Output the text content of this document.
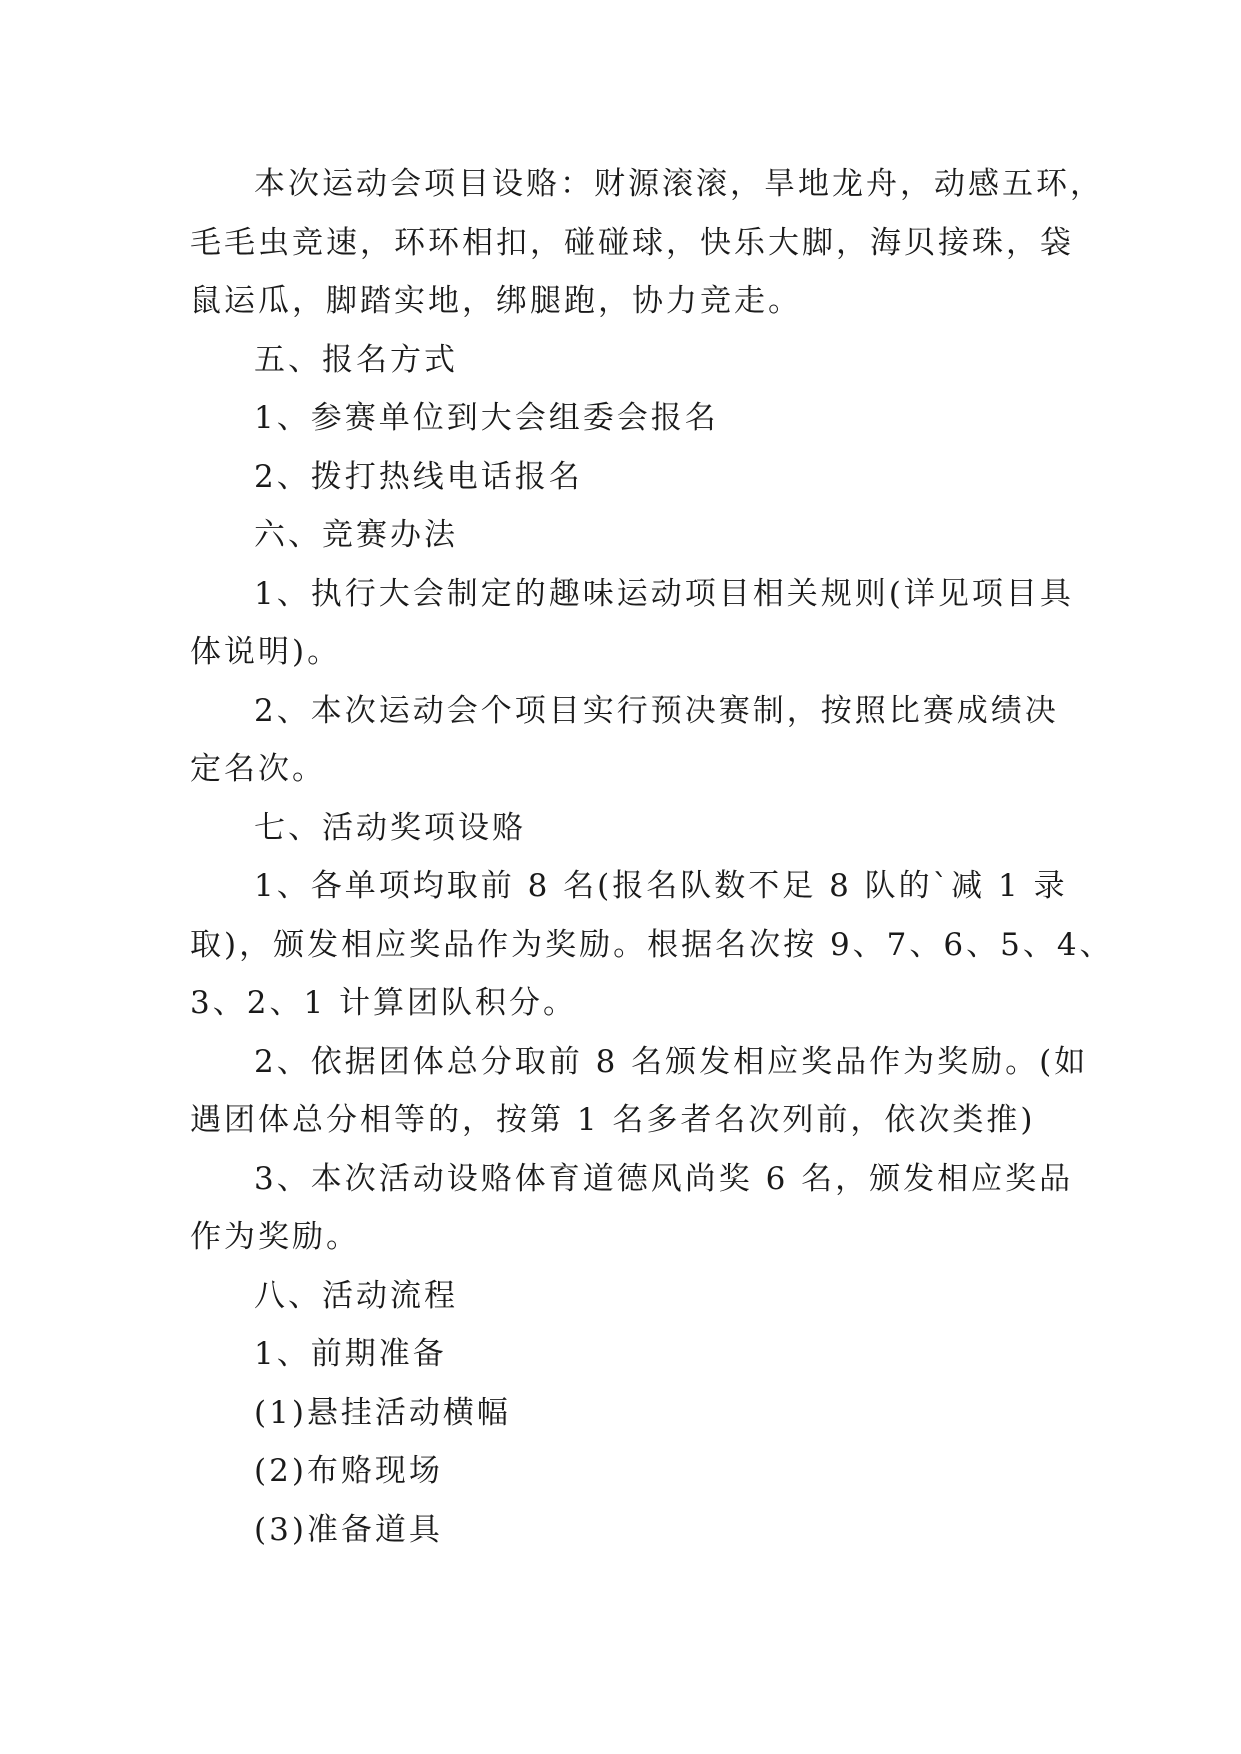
本次运动会项目设赂：财源滚滚，旱地龙舟，动感五环，

毛毛虫竞速，环环相扣，碰碰球，快乐大脚，海贝接珠，袋

鼠运瓜，脚踏实地，绑腿跑，协力竞走。

五、报名方式

1、参赛单位到大会组委会报名

2、拨打热线电话报名

六、竞赛办法

1、执行大会制定的趣味运动项目相关规则(详见项目具

体说明)。

2、本次运动会个项目实行预决赛制，按照比赛成绩决

定名次。

七、活动奖项设赂

1、各单项均取前 8 名(报名队数不足 8 队的`减 1 录

取)，颁发相应奖品作为奖励。根据名次按 9、7、6、5、4、

3、2、1 计算团队积分。

2、依据团体总分取前 8 名颁发相应奖品作为奖励。(如

遇团体总分相等的，按第 1 名多者名次列前，依次类推)

3、本次活动设赂体育道德风尚奖 6 名，颁发相应奖品

作为奖励。

八、活动流程

1、前期准备

(1)悬挂活动横幅

(2)布赂现场

(3)准备道具
